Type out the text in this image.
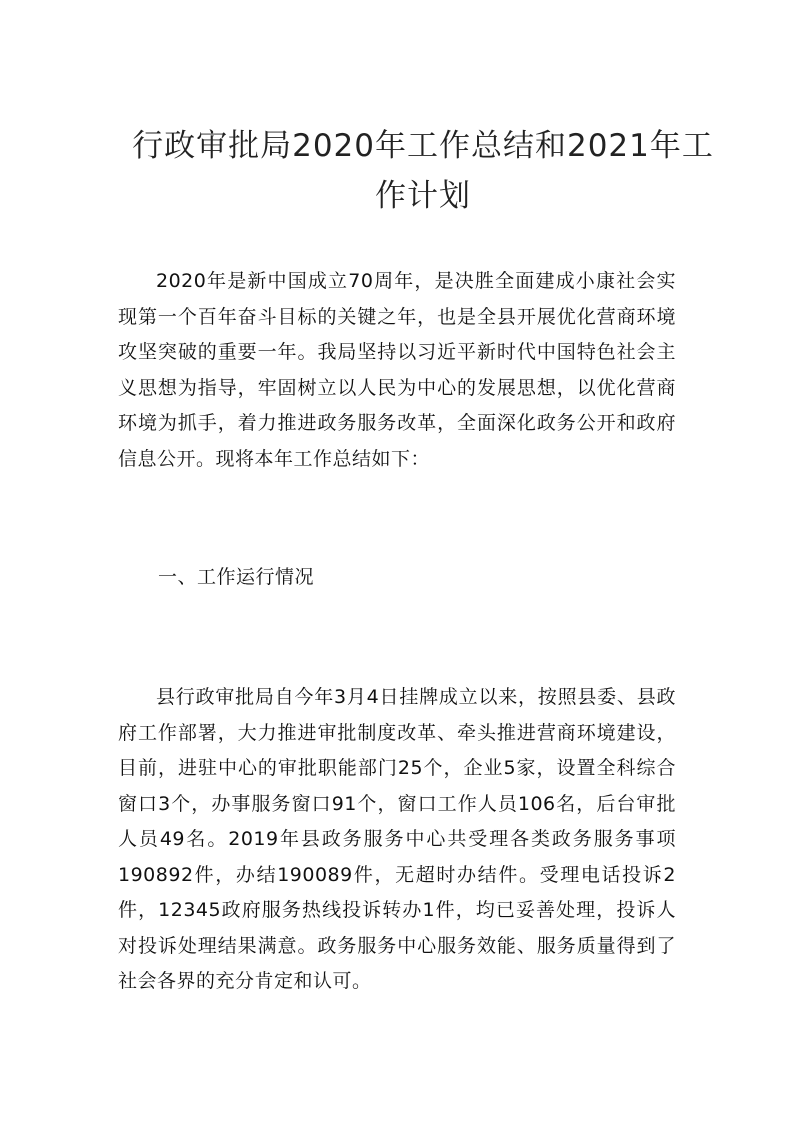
行政审批局2020年工作总结和2021年工作计划

2020年是新中国成立70周年，是决胜全面建成小康社会实现第一个百年奋斗目标的关键之年，也是全县开展优化营商环境攻坚突破的重要一年。我局坚持以习近平新时代中国特色社会主义思想为指导，牢固树立以人民为中心的发展思想，以优化营商环境为抓手，着力推进政务服务改革，全面深化政务公开和政府信息公开。现将本年工作总结如下：

一、工作运行情况

县行政审批局自今年3月4日挂牌成立以来，按照县委、县政府工作部署，大力推进审批制度改革、牵头推进营商环境建设，目前，进驻中心的审批职能部门25个，企业5家，设置全科综合窗口3个，办事服务窗口91个，窗口工作人员106名，后台审批人员49名。2019年县政务服务中心共受理各类政务服务事项190892件，办结190089件，无超时办结件。受理电话投诉2件，12345政府服务热线投诉转办1件，均已妥善处理，投诉人对投诉处理结果满意。政务服务中心服务效能、服务质量得到了社会各界的充分肯定和认可。
